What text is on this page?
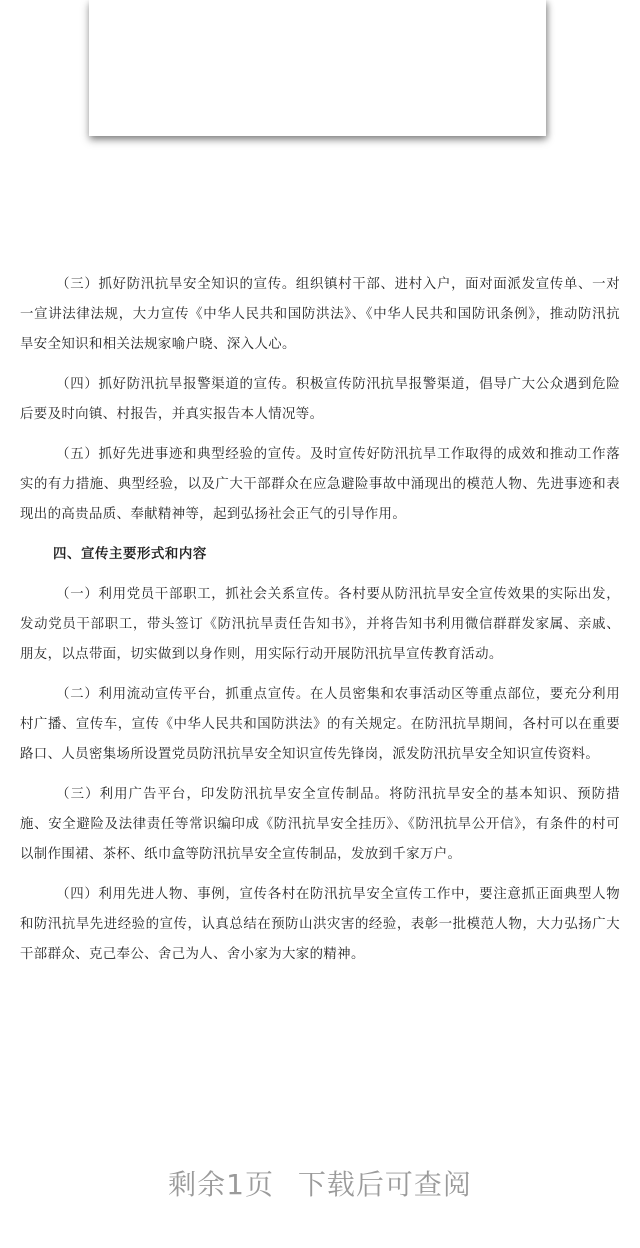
（三）抓好防汛抗旱安全知识的宣传。组织镇村干部、进村入户，面对面派发宣传单、一对一宣讲法律法规，大力宣传《中华人民共和国防洪法》、《中华人民共和国防讯条例》，推动防汛抗旱安全知识和相关法规家喻户晓、深入人心。

（四）抓好防汛抗旱报警渠道的宣传。积极宣传防汛抗旱报警渠道，倡导广大公众遇到危险后要及时向镇、村报告，并真实报告本人情况等。

（五）抓好先进事迹和典型经验的宣传。及时宣传好防汛抗旱工作取得的成效和推动工作落实的有力措施、典型经验，以及广大干部群众在应急避险事故中涌现出的模范人物、先进事迹和表现出的高贵品质、奉献精神等，起到弘扬社会正气的引导作用。

四、宣传主要形式和内容

（一）利用党员干部职工，抓社会关系宣传。各村要从防汛抗旱安全宣传效果的实际出发，发动党员干部职工，带头签订《防汛抗旱责任告知书》，并将告知书利用微信群群发家属、亲戚、朋友，以点带面，切实做到以身作则，用实际行动开展防汛抗旱宣传教育活动。

（二）利用流动宣传平台，抓重点宣传。在人员密集和农事活动区等重点部位，要充分利用村广播、宣传车，宣传《中华人民共和国防洪法》的有关规定。在防汛抗旱期间，各村可以在重要路口、人员密集场所设置党员防汛抗旱安全知识宣传先锋岗，派发防汛抗旱安全知识宣传资料。

（三）利用广告平台，印发防汛抗旱安全宣传制品。将防汛抗旱安全的基本知识、预防措施、安全避险及法律责任等常识编印成《防汛抗旱安全挂历》、《防汛抗旱公开信》，有条件的村可以制作围裙、茶杯、纸巾盒等防汛抗旱安全宣传制品，发放到千家万户。

（四）利用先进人物、事例，宣传各村在防汛抗旱安全宣传工作中，要注意抓正面典型人物和防汛抗旱先进经验的宣传，认真总结在预防山洪灾害的经验，表彰一批模范人物，大力弘扬广大干部群众、克己奉公、舍己为人、舍小家为大家的精神。

剩余1页 下载后可查阅
